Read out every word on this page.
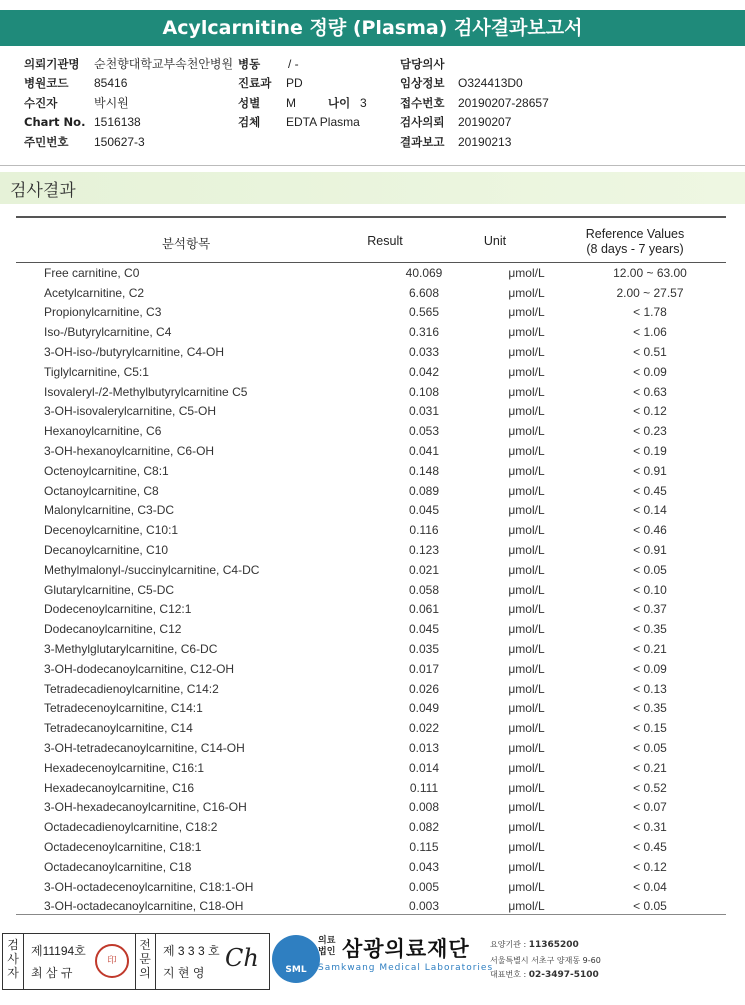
Acylcarnitine 정량 (Plasma) 검사결과보고서
의뢰기관명 순천향대학교부속천안병원
병원코드 85416
수진자	박시원
Chart No. 1516138
주민번호 150627-3
병동 / -
진료과 PD
성별 M	나이 3
검체 EDTA Plasma
담당의사
임상정보 O324413D0
접수번호 20190207-28657
검사의뢰 20190207
결과보고 20190213
검사결과
분석항목	Result	Unit	Reference Values
(8 days - 7 years)
Free carnitine, C0	40.069	μmol/L	12.00 ~ 63.00
Acetylcarnitine, C2	6.608	μmol/L	2.00 ~ 27.57
Propionylcarnitine, C3	0.565	μmol/L	< 1.78
Iso-/Butyrylcarnitine, C4	0.316	μmol/L	< 1.06
3-OH-iso-/butyrylcarnitine, C4-OH	0.033	μmol/L	< 0.51
Tiglylcarnitine, C5:1	0.042	μmol/L	< 0.09
Isovaleryl-/2-Methylbutyrylcarnitine C5	0.108	μmol/L	< 0.63
3-OH-isovalerylcarnitine, C5-OH	0.031	μmol/L	< 0.12
Hexanoylcarnitine, C6	0.053	μmol/L	< 0.23
3-OH-hexanoylcarnitine, C6-OH	0.041	μmol/L	< 0.19
Octenoylcarnitine, C8:1	0.148	μmol/L	< 0.91
Octanoylcarnitine, C8	0.089	μmol/L	< 0.45
Malonylcarnitine, C3-DC	0.045	μmol/L	< 0.14
Decenoylcarnitine, C10:1	0.116	μmol/L	< 0.46
Decanoylcarnitine, C10	0.123	μmol/L	< 0.91
Methylmalonyl-/succinylcarnitine, C4-DC	0.021	μmol/L	< 0.05
Glutarylcarnitine, C5-DC	0.058	μmol/L	< 0.10
Dodecenoylcarnitine, C12:1	0.061	μmol/L	< 0.37
Dodecanoylcarnitine, C12	0.045	μmol/L	< 0.35
3-Methylglutarylcarnitine, C6-DC	0.035	μmol/L	< 0.21
3-OH-dodecanoylcarnitine, C12-OH	0.017	μmol/L	< 0.09
Tetradecadienoylcarnitine, C14:2	0.026	μmol/L	< 0.13
Tetradecenoylcarnitine, C14:1	0.049	μmol/L	< 0.35
Tetradecanoylcarnitine, C14	0.022	μmol/L	< 0.15
3-OH-tetradecanoylcarnitine, C14-OH	0.013	μmol/L	< 0.05
Hexadecenoylcarnitine, C16:1	0.014	μmol/L	< 0.21
Hexadecanoylcarnitine, C16	0.111	μmol/L	< 0.52
3-OH-hexadecanoylcarnitine, C16-OH	0.008	μmol/L	< 0.07
Octadecadienoylcarnitine, C18:2	0.082	μmol/L	< 0.31
Octadecenoylcarnitine, C18:1	0.115	μmol/L	< 0.45
Octadecanoylcarnitine, C18	0.043	μmol/L	< 0.12
3-OH-octadecenoylcarnitine, C18:1-OH	0.005	μmol/L	< 0.04
3-OH-octadecanoylcarnitine, C18-OH	0.003	μmol/L	< 0.05
검
사
자
제11194호
최 삼 규
印
전
문
의
제 3 3 3 호
지 현 영
Ch	SML
의료 법인 삼광의료재단
Samkwang Medical Laboratories
요양기관 : 11365200
서울특별시 서초구 양재동 9-60
대표번호 : 02-3497-5100
